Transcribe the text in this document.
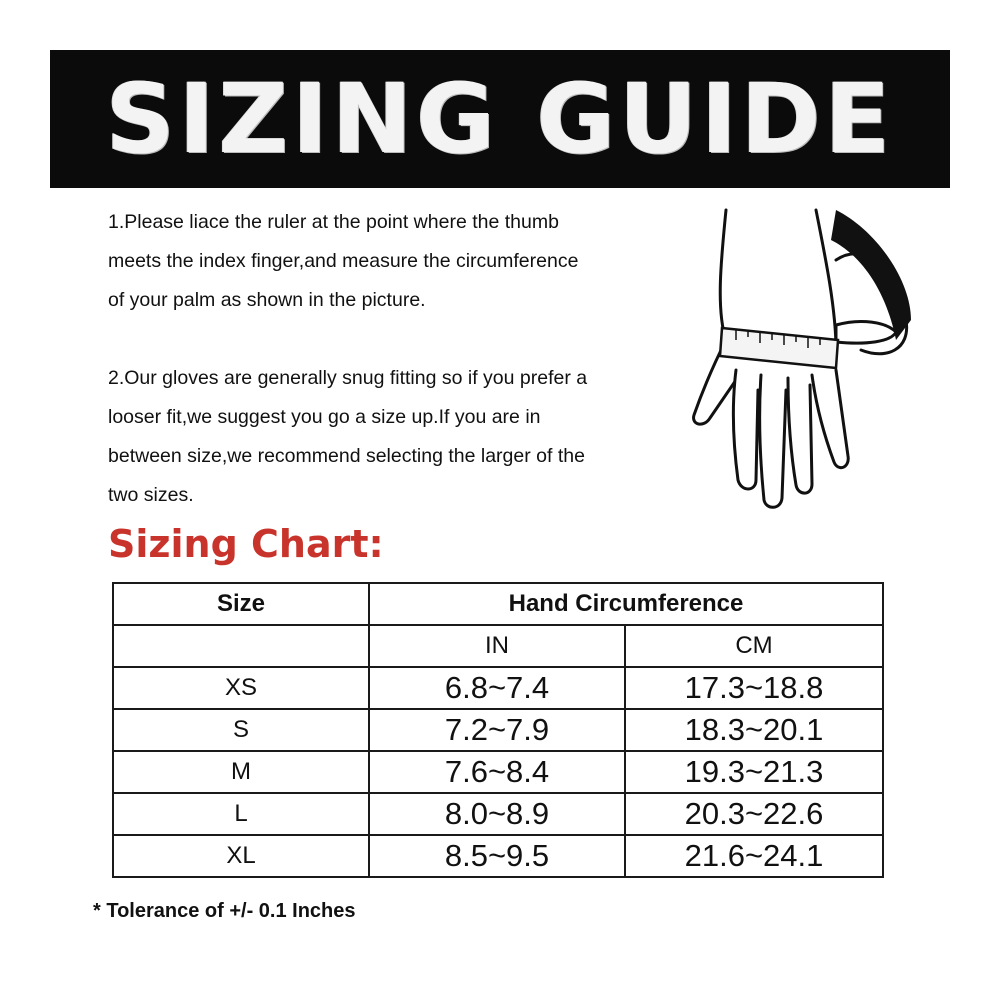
SIZING GUIDE

1.Please liace the ruler at the point where the thumb

meets the index finger,and measure the circumference

of your palm as shown in the picture.

2.Our gloves are generally snug fitting so if you prefer a

looser fit,we suggest you go a size up.If you are in

between size,we recommend selecting the larger of the

two sizes.

Sizing Chart:
Size	Hand Circumference	
	IN	CM
XS	6.8~7.4	17.3~18.8
S	7.2~7.9	18.3~20.1
M	7.6~8.4	19.3~21.3
L	8.0~8.9	20.3~22.6
XL	8.5~9.5	21.6~24.1
* Tolerance of +/- 0.1 Inches
